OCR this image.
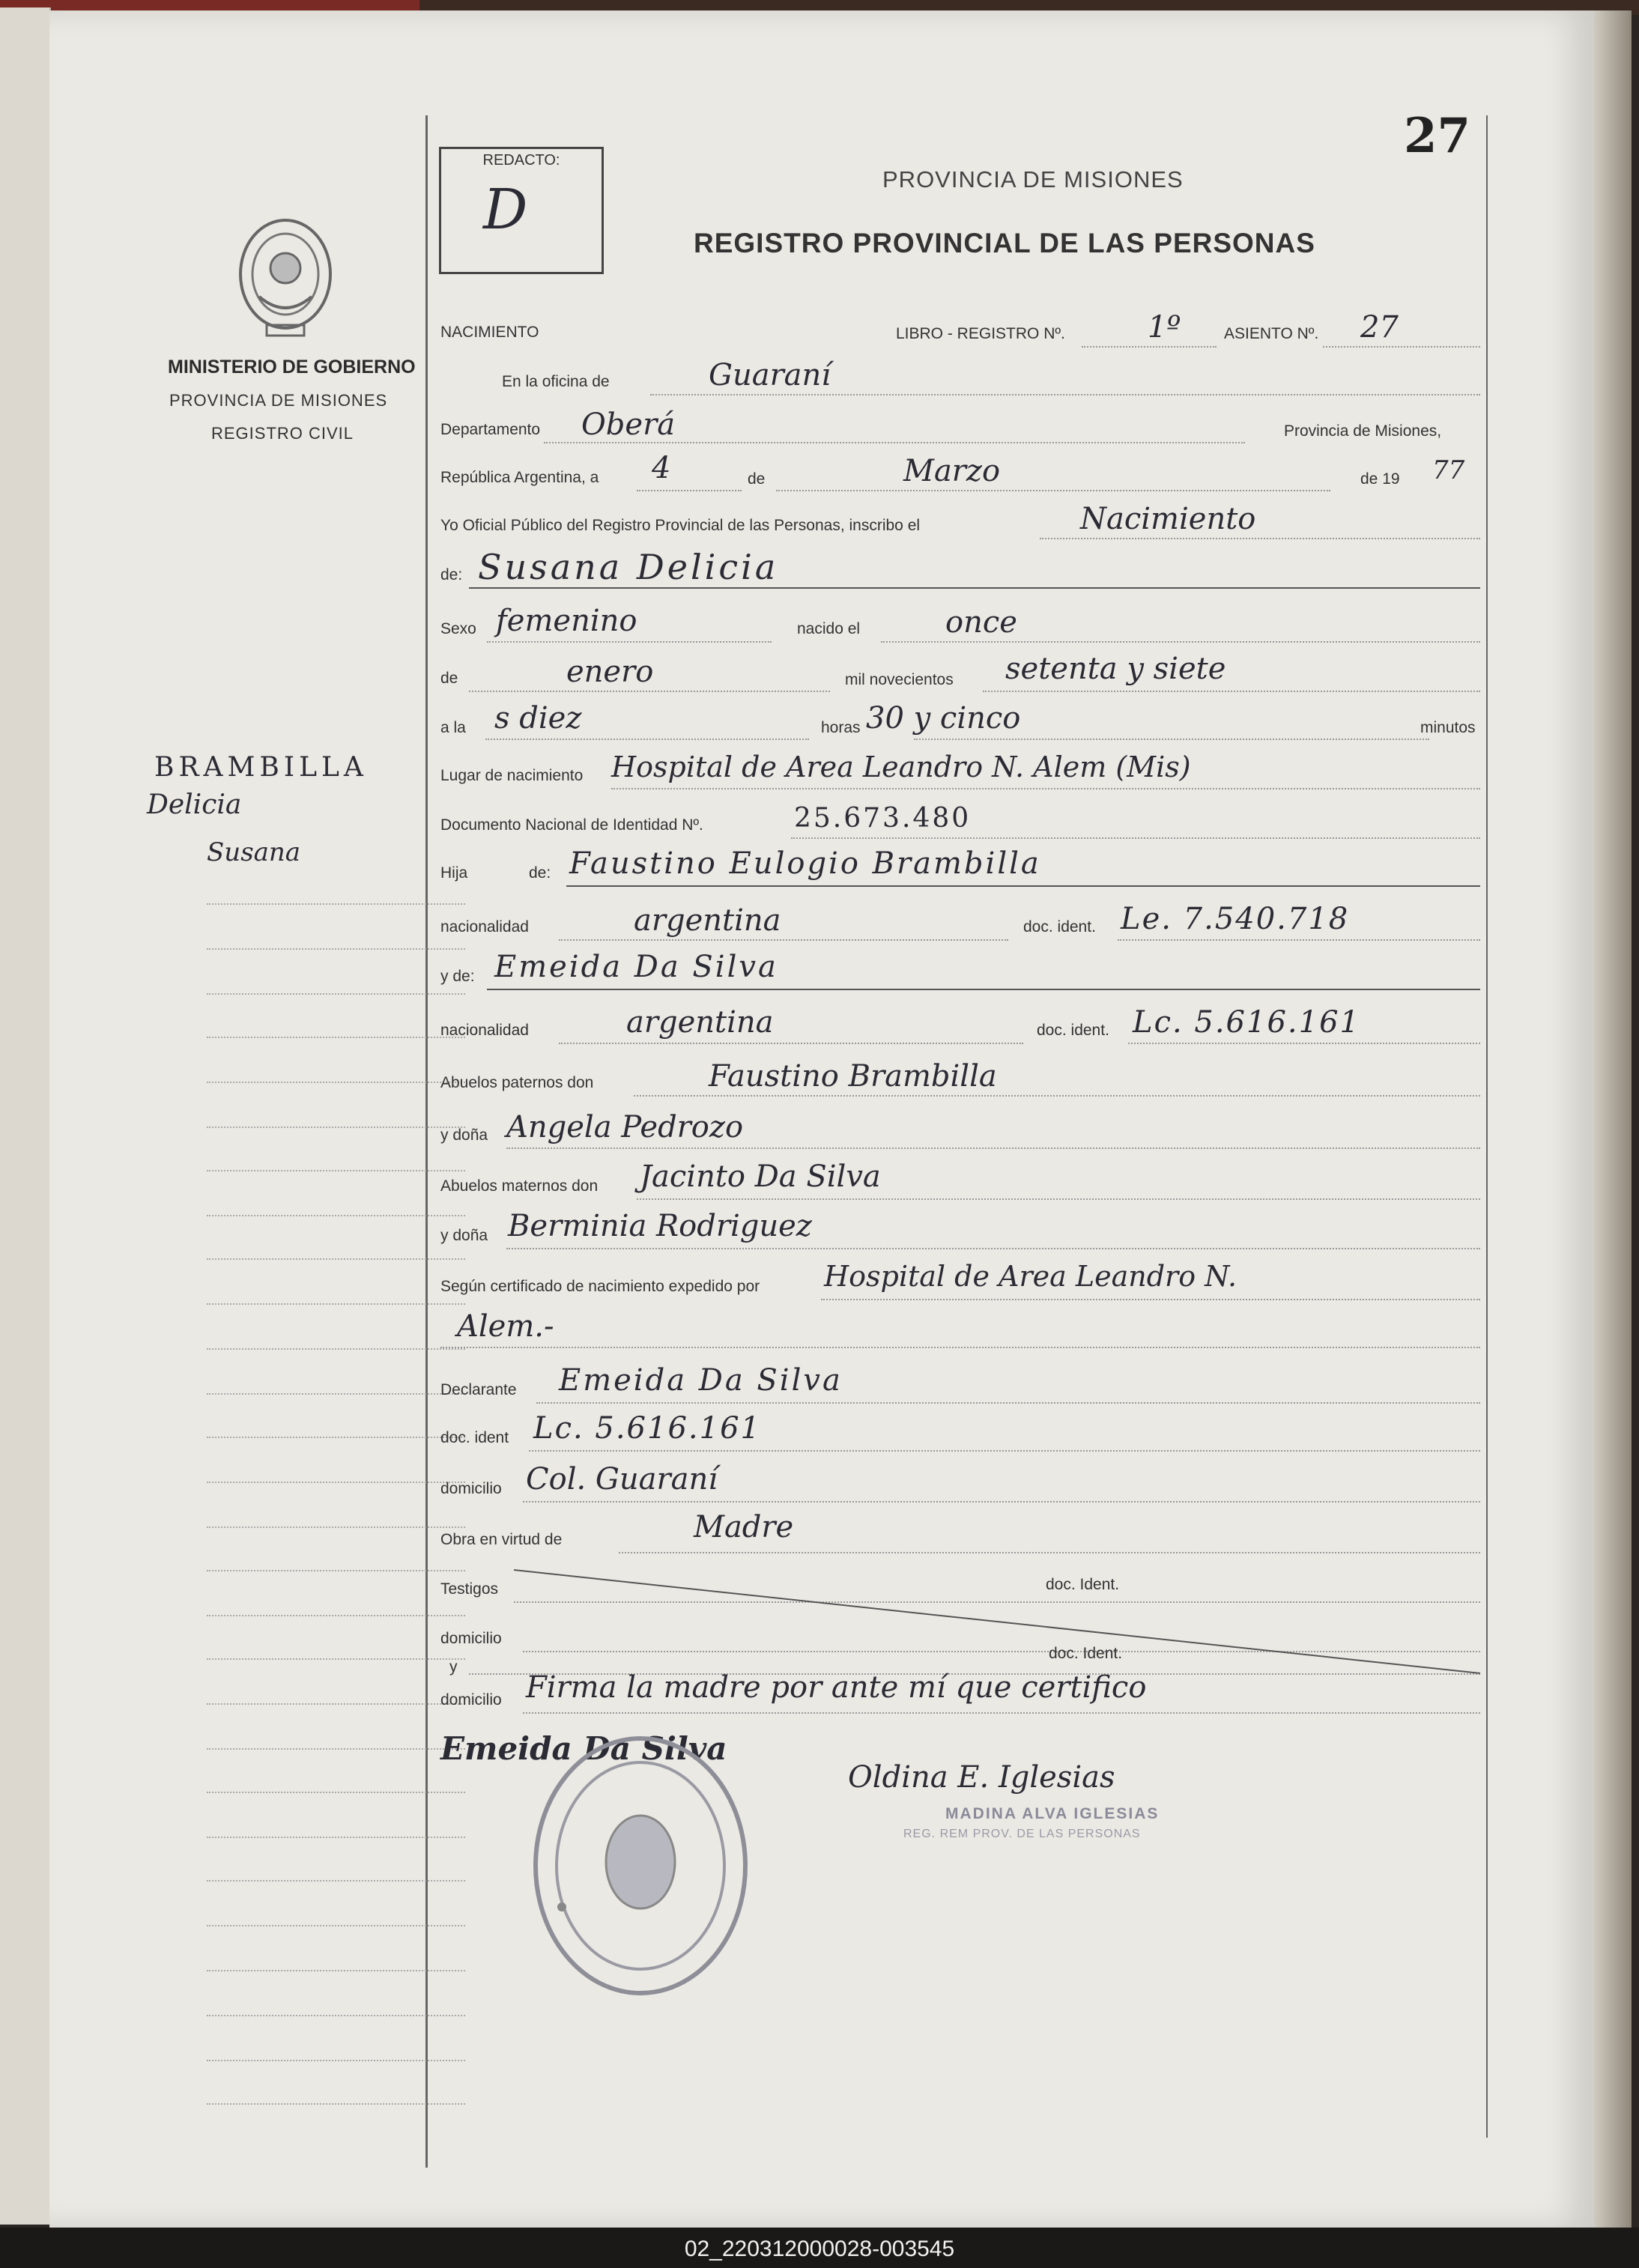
27
MINISTERIO DE GOBIERNO
PROVINCIA DE MISIONES
REGISTRO CIVIL
BRAMBILLA
Delicia
Susana
REDACTO:
D	PROVINCIA DE MISIONES
REGISTRO PROVINCIAL DE LAS PERSONAS
NACIMIENTO	LIBRO - REGISTRO Nº.	1º	ASIENTO Nº. 27
En la oficina de	Guaraní
Departamento Oberá	Provincia de Misiones,
República Argentina, a 4	de	Marzo	de 19 77
Yo Oficial Público del Registro Provincial de las Personas, inscribo el	Nacimiento
de: Susana Delicia
Sexo femenino	nacido el	once
de	enero	mil novecientos setenta y siete
a la s diez	horas 30 y cinco	minutos
Lugar de nacimiento Hospital de Area Leandro N. Alem (Mis)
Documento Nacional de Identidad Nº.	25.673.480
Hija	de: Faustino Eulogio Brambilla
nacionalidad	argentina	doc. ident. Le. 7.540.718
y de: Emeida Da Silva
nacionalidad	argentina	doc. ident. Lc. 5.616.161
Abuelos paternos don	Faustino Brambilla
y doña Angela Pedrozo
Abuelos maternos don Jacinto Da Silva
y doña Berminia Rodriguez
Según certificado de nacimiento expedido por Hospital de Area Leandro N.
Alem.-
Declarante Emeida Da Silva
doc. ident Lc. 5.616.161
domicilio Col. Guaraní
Obra en virtud de	Madre
Testigos	doc. Ident.
domicilio
y
doc. Ident.
domicilio Firma la madre por ante mí que certifico
Emeida Da Silva
Oldina E. Iglesias
MADINA ALVA IGLESIAS
REG. REM PROV. DE LAS PERSONAS
02_220312000028-003545
